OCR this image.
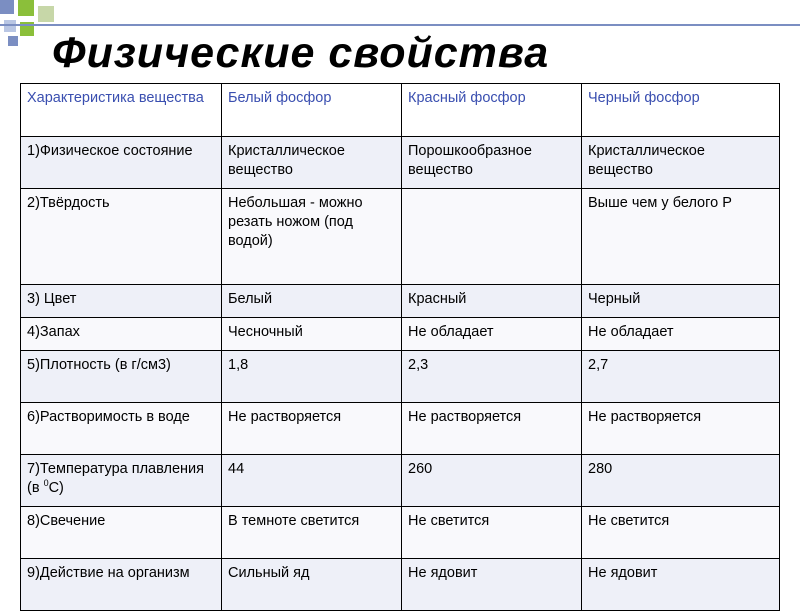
Физические свойства
Характеристика вещества	Белый фосфор	Красный фосфор	Черный фосфор
1)Физическое состояние	Кристаллическое вещество	Порошкообразное вещество	Кристаллическое вещество
2)Твёрдость	Небольшая - можно резать ножом (под водой)		Выше чем у белого Р
3) Цвет	Белый	Красный	Черный
4)Запах	Чесночный	Не обладает	Не обладает
5)Плотность (в г/см3)	1,8	2,3	2,7
6)Растворимость в воде	Не растворяется	Не растворяется	Не растворяется
7)Температура плавления (в $^0$С)	44	260	280
8)Свечение	В темноте светится	Не светится	Не светится
9)Действие на организм	Сильный яд	Не ядовит	Не ядовит
